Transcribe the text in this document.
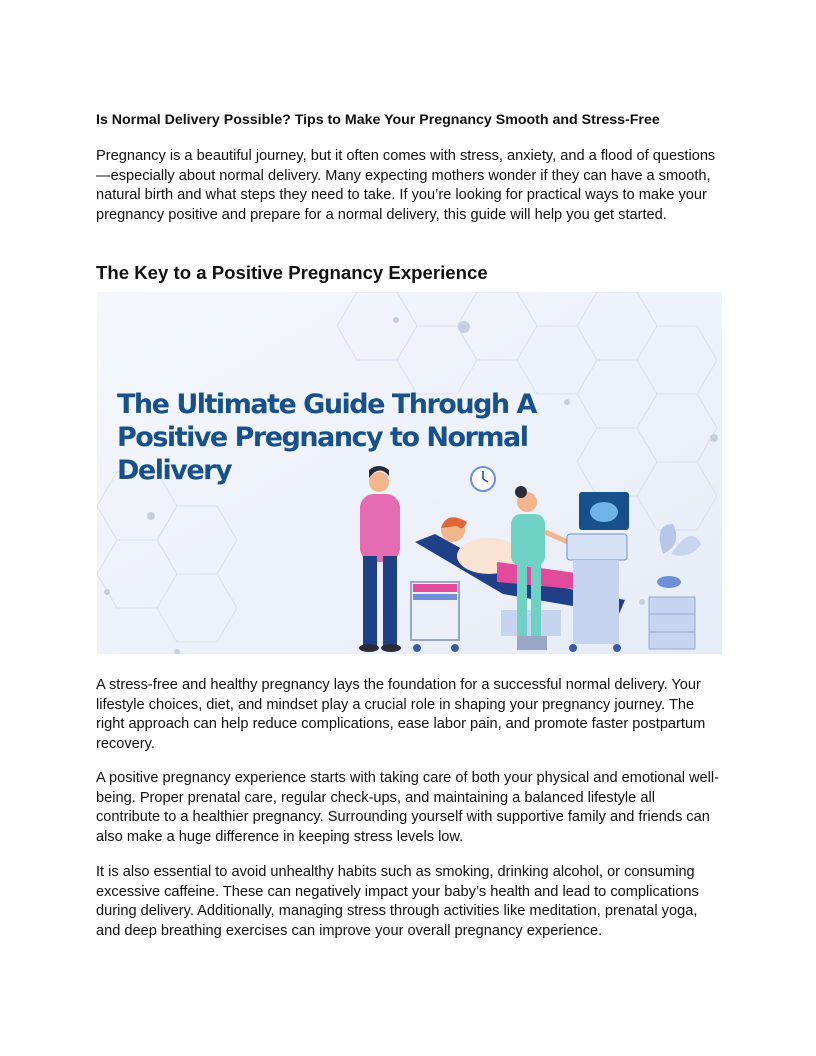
Is Normal Delivery Possible? Tips to Make Your Pregnancy Smooth and Stress-Free

Pregnancy is a beautiful journey, but it often comes with stress, anxiety, and a flood of questions—especially about normal delivery. Many expecting mothers wonder if they can have a smooth, natural birth and what steps they need to take. If you’re looking for practical ways to make your pregnancy positive and prepare for a normal delivery, this guide will help you get started.

The Key to a Positive Pregnancy Experience
The Ultimate Guide Through A
Positive Pregnancy to Normal
Delivery

A stress-free and healthy pregnancy lays the foundation for a successful normal delivery. Your lifestyle choices, diet, and mindset play a crucial role in shaping your pregnancy journey. The right approach can help reduce complications, ease labor pain, and promote faster postpartum recovery.

A positive pregnancy experience starts with taking care of both your physical and emotional well-being. Proper prenatal care, regular check-ups, and maintaining a balanced lifestyle all contribute to a healthier pregnancy. Surrounding yourself with supportive family and friends can also make a huge difference in keeping stress levels low.

It is also essential to avoid unhealthy habits such as smoking, drinking alcohol, or consuming excessive caffeine. These can negatively impact your baby’s health and lead to complications during delivery. Additionally, managing stress through activities like meditation, prenatal yoga, and deep breathing exercises can improve your overall pregnancy experience.
